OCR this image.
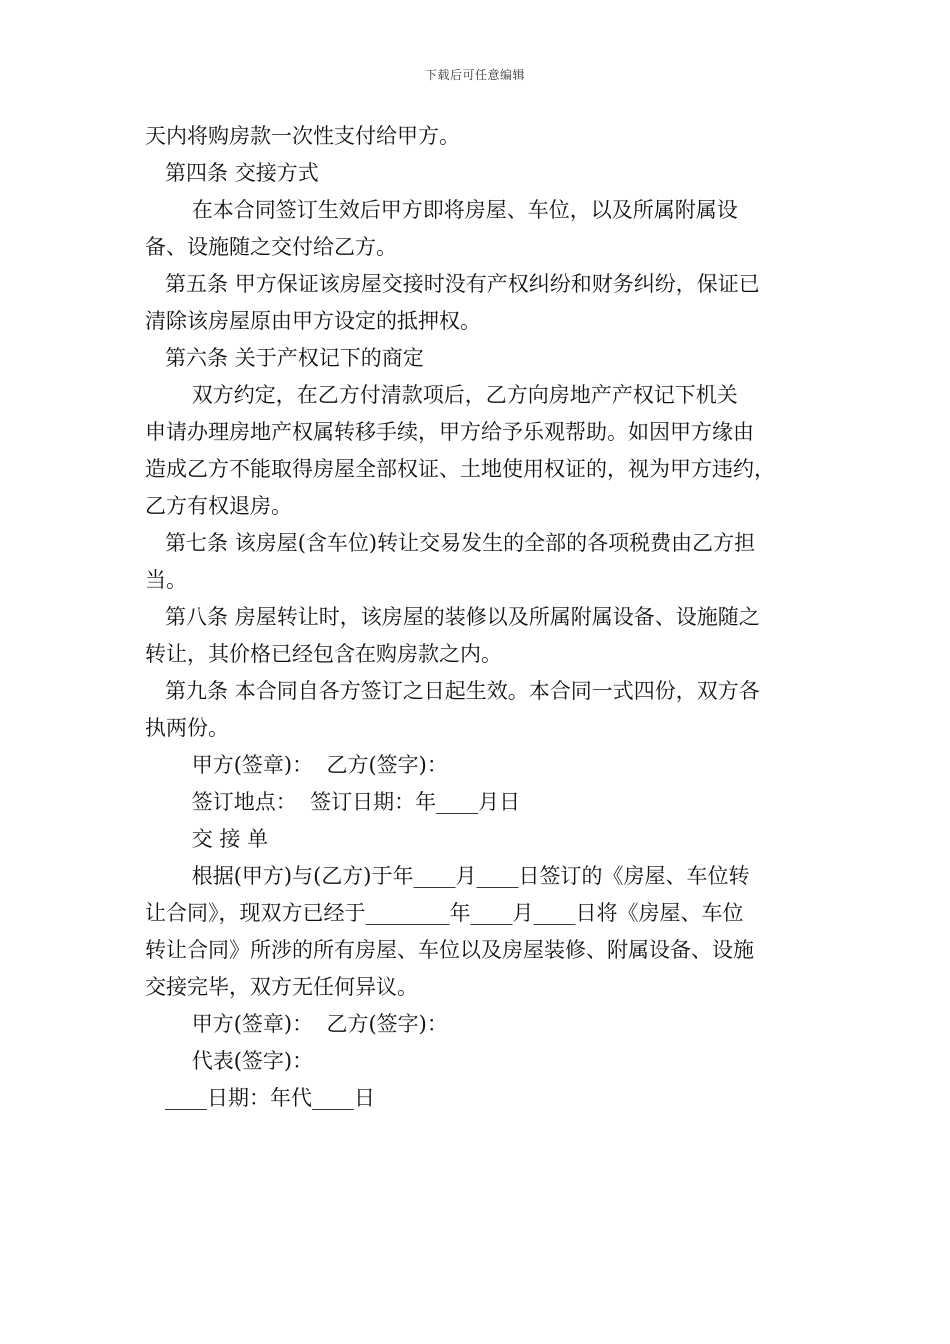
下载后可任意编辑
天内将购房款一次性支付给甲方。
第四条 交接方式
在本合同签订生效后甲方即将房屋、车位，以及所属附属设
备、设施随之交付给乙方。
第五条 甲方保证该房屋交接时没有产权纠纷和财务纠纷，保证已
清除该房屋原由甲方设定的抵押权。
第六条 关于产权记下的商定
双方约定，在乙方付清款项后，乙方向房地产产权记下机关
申请办理房地产权属转移手续，甲方给予乐观帮助。如因甲方缘由
造成乙方不能取得房屋全部权证、土地使用权证的，视为甲方违约，
乙方有权退房。
第七条 该房屋(含车位)转让交易发生的全部的各项税费由乙方担
当。
第八条 房屋转让时，该房屋的装修以及所属附属设备、设施随之
转让，其价格已经包含在购房款之内。
第九条 本合同自各方签订之日起生效。本合同一式四份，双方各
执两份。
甲方(签章)：  乙方(签字)：
签订地点：  签订日期：年____月日
交 接 单
根据(甲方)与(乙方)于年____月____日签订的《房屋、车位转
让合同》，现双方已经于________年____月____日将《房屋、车位
转让合同》所涉的所有房屋、车位以及房屋装修、附属设备、设施
交接完毕，双方无任何异议。
甲方(签章)：  乙方(签字)：
代表(签字)：
____日期：年代____日
